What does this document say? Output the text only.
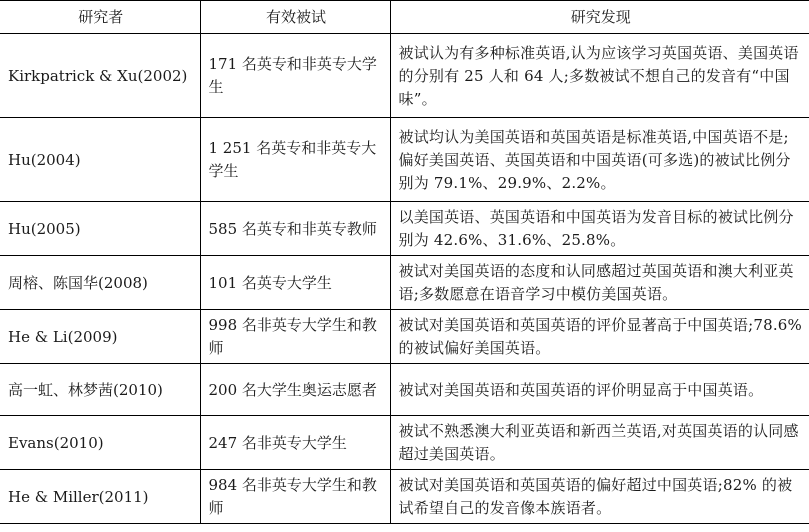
研究者	有效被试	研究发现
Kirkpatrick & Xu(2002)	171 名英专和非英专大学生	被试认为有多种标准英语,认为应该学习英国英语、美国英语的分别有 25 人和 64 人;多数被试不想自己的发音有“中国味”。
Hu(2004)	1 251 名英专和非英专大学生	被试均认为美国英语和英国英语是标准英语,中国英语不是;偏好美国英语、英国英语和中国英语(可多选)的被试比例分别为 79.1%、29.9%、2.2%。
Hu(2005)	585 名英专和非英专教师	以美国英语、英国英语和中国英语为发音目标的被试比例分别为 42.6%、31.6%、25.8%。
周榕、陈国华(2008)	101 名英专大学生	被试对美国英语的态度和认同感超过英国英语和澳大利亚英语;多数愿意在语音学习中模仿美国英语。
He & Li(2009)	998 名非英专大学生和教师	被试对美国英语和英国英语的评价显著高于中国英语;78.6% 的被试偏好美国英语。
高一虹、林梦茜(2010)	200 名大学生奥运志愿者	被试对美国英语和英国英语的评价明显高于中国英语。
Evans(2010)	247 名非英专大学生	被试不熟悉澳大利亚英语和新西兰英语,对英国英语的认同感超过美国英语。
He & Miller(2011)	984 名非英专大学生和教师	被试对美国英语和英国英语的偏好超过中国英语;82% 的被试希望自己的发音像本族语者。
